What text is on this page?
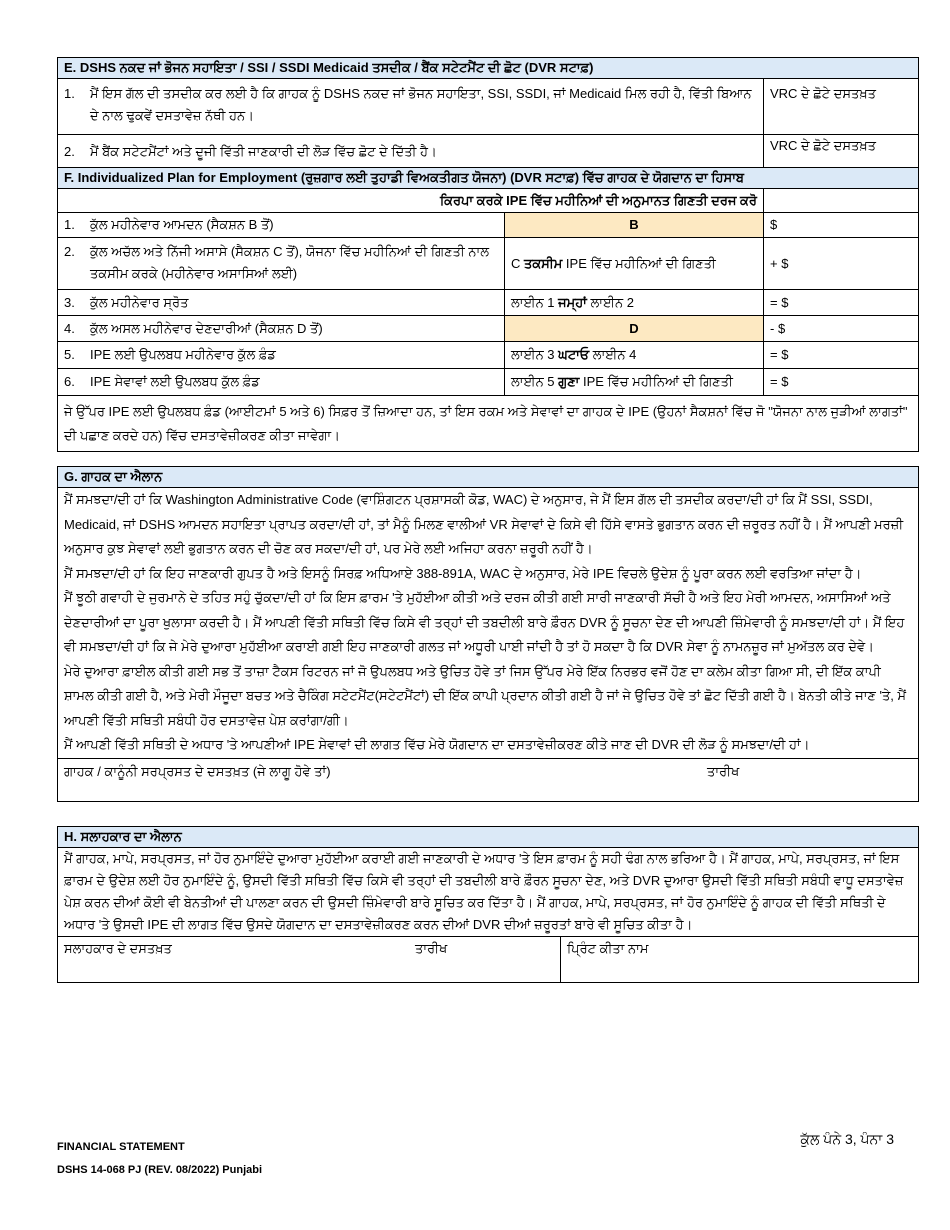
E. DSHS ਨਕਦ ਜਾਂ ਭੋਜਨ ਸਹਾਇਤਾ / SSI / SSDI Medicaid ਤਸਦੀਕ / ਬੈਂਕ ਸਟੇਟਮੈਂਟ ਦੀ ਛੋਟ (DVR ਸਟਾਫ਼)		

1. ਮੈਂ ਇਸ ਗੱਲ ਦੀ ਤਸਦੀਕ ਕਰ ਲਈ ਹੈ ਕਿ ਗਾਹਕ ਨੂੰ DSHS ਨਕਦ ਜਾਂ ਭੋਜਨ ਸਹਾਇਤਾ, SSI, SSDI, ਜਾਂ Medicaid ਮਿਲ ਰਹੀ ਹੈ, ਵਿੱਤੀ ਬਿਆਨ ਦੇ ਨਾਲ ਢੁਕਵੇਂ ਦਸਤਾਵੇਜ਼ ਨੱਥੀ ਹਨ।		VRC ਦੇ ਛੋਟੇ ਦਸਤਖ਼ਤ

2. ਮੈਂ ਬੈਂਕ ਸਟੇਟਮੈਂਟਾਂ ਅਤੇ ਦੂਜੀ ਵਿੱਤੀ ਜਾਣਕਾਰੀ ਦੀ ਲੋੜ ਵਿੱਚ ਛੋਟ ਦੇ ਦਿੱਤੀ ਹੈ।		VRC ਦੇ ਛੋਟੇ ਦਸਤਖ਼ਤ
F. Individualized Plan for Employment (ਰੁਜ਼ਗਾਰ ਲਈ ਤੁਹਾਡੀ ਵਿਅਕਤੀਗਤ ਯੋਜਨਾ) (DVR ਸਟਾਫ਼) ਵਿੱਚ ਗਾਹਕ ਦੇ ਯੋਗਦਾਨ ਦਾ ਹਿਸਾਬ		
ਕਿਰਪਾ ਕਰਕੇ IPE ਵਿੱਚ ਮਹੀਨਿਆਂ ਦੀ ਅਨੁਮਾਨਤ ਗਿਣਤੀ ਦਰਜ ਕਰੋ		
1. ਕੁੱਲ ਮਹੀਨੇਵਾਰ ਆਮਦਨ (ਸੈਕਸ਼ਨ B ਤੋਂ)	B	$

2. ਕੁੱਲ ਅਚੱਲ ਅਤੇ ਨਿੱਜੀ ਅਸਾਸੇ (ਸੈਕਸ਼ਨ C ਤੋਂ), ਯੋਜਨਾ ਵਿੱਚ ਮਹੀਨਿਆਂ ਦੀ ਗਿਣਤੀ ਨਾਲ ਤਕਸੀਮ ਕਰਕੇ (ਮਹੀਨੇਵਾਰ ਅਸਾਸਿਆਂ ਲਈ)	C ਤਕਸੀਮ IPE ਵਿੱਚ ਮਹੀਨਿਆਂ ਦੀ ਗਿਣਤੀ	+ $
3. ਕੁੱਲ ਮਹੀਨੇਵਾਰ ਸ੍ਰੋਤ	ਲਾਈਨ 1 ਜਮ੍ਹਾਂ ਲਾਈਨ 2	= $
4. ਕੁੱਲ ਅਸਲ ਮਹੀਨੇਵਾਰ ਦੇਣਦਾਰੀਆਂ (ਸੈਕਸ਼ਨ D ਤੋਂ)	D	- $
5. IPE ਲਈ ਉਪਲਬਧ ਮਹੀਨੇਵਾਰ ਕੁੱਲ ਫ਼ੰਡ	ਲਾਈਨ 3 ਘਟਾਓ ਲਾਈਨ 4	= $
6. IPE ਸੇਵਾਵਾਂ ਲਈ ਉਪਲਬਧ ਕੁੱਲ ਫ਼ੰਡ	ਲਾਈਨ 5 ਗੁਣਾ IPE ਵਿੱਚ ਮਹੀਨਿਆਂ ਦੀ ਗਿਣਤੀ	= $
ਜੇ ਉੱਪਰ IPE ਲਈ ਉਪਲਬਧ ਫ਼ੰਡ (ਆਈਟਮਾਂ 5 ਅਤੇ 6) ਸਿਫ਼ਰ ਤੋਂ ਜ਼ਿਆਦਾ ਹਨ, ਤਾਂ ਇਸ ਰਕਮ ਅਤੇ ਸੇਵਾਵਾਂ ਦਾ ਗਾਹਕ ਦੇ IPE (ਉਹਨਾਂ ਸੈਕਸ਼ਨਾਂ ਵਿੱਚ ਜੋ "ਯੋਜਨਾ ਨਾਲ ਜੁੜੀਆਂ ਲਾਗਤਾਂ" ਦੀ ਪਛਾਣ ਕਰਦੇ ਹਨ) ਵਿੱਚ ਦਸਤਾਵੇਜ਼ੀਕਰਣ ਕੀਤਾ ਜਾਵੇਗਾ।		
G. ਗਾਹਕ ਦਾ ਐਲਾਨ

ਮੈਂ ਸਮਝਦਾ/ਦੀ ਹਾਂ ਕਿ Washington Administrative Code (ਵਾਸ਼ਿੰਗਟਨ ਪ੍ਰਸ਼ਾਸਕੀ ਕੋਡ, WAC) ਦੇ ਅਨੁਸਾਰ, ਜੇ ਮੈਂ ਇਸ ਗੱਲ ਦੀ ਤਸਦੀਕ ਕਰਦਾ/ਦੀ ਹਾਂ ਕਿ ਮੈਂ SSI, SSDI, Medicaid, ਜਾਂ DSHS ਆਮਦਨ ਸਹਾਇਤਾ ਪ੍ਰਾਪਤ ਕਰਦਾ/ਦੀ ਹਾਂ, ਤਾਂ ਮੈਨੂੰ ਮਿਲਣ ਵਾਲੀਆਂ VR ਸੇਵਾਵਾਂ ਦੇ ਕਿਸੇ ਵੀ ਹਿੱਸੇ ਵਾਸਤੇ ਭੁਗਤਾਨ ਕਰਨ ਦੀ ਜ਼ਰੂਰਤ ਨਹੀਂ ਹੈ। ਮੈਂ ਆਪਣੀ ਮਰਜ਼ੀ ਅਨੁਸਾਰ ਕੁਝ ਸੇਵਾਵਾਂ ਲਈ ਭੁਗਤਾਨ ਕਰਨ ਦੀ ਚੋਣ ਕਰ ਸਕਦਾ/ਦੀ ਹਾਂ, ਪਰ ਮੇਰੇ ਲਈ ਅਜਿਹਾ ਕਰਨਾ ਜ਼ਰੂਰੀ ਨਹੀਂ ਹੈ।

ਮੈਂ ਸਮਝਦਾ/ਦੀ ਹਾਂ ਕਿ ਇਹ ਜਾਣਕਾਰੀ ਗੁਪਤ ਹੈ ਅਤੇ ਇਸਨੂੰ ਸਿਰਫ਼ ਅਧਿਆਏ 388-891A, WAC ਦੇ ਅਨੁਸਾਰ, ਮੇਰੇ IPE ਵਿਚਲੇ ਉਦੇਸ਼ ਨੂੰ ਪੂਰਾ ਕਰਨ ਲਈ ਵਰਤਿਆ ਜਾਂਦਾ ਹੈ।

ਮੈਂ ਝੂਠੀ ਗਵਾਹੀ ਦੇ ਜੁਰਮਾਨੇ ਦੇ ਤਹਿਤ ਸਹੁੰ ਚੁੱਕਦਾ/ਦੀ ਹਾਂ ਕਿ ਇਸ ਫ਼ਾਰਮ 'ਤੇ ਮੁਹੱਈਆ ਕੀਤੀ ਅਤੇ ਦਰਜ ਕੀਤੀ ਗਈ ਸਾਰੀ ਜਾਣਕਾਰੀ ਸੱਚੀ ਹੈ ਅਤੇ ਇਹ ਮੇਰੀ ਆਮਦਨ, ਅਸਾਸਿਆਂ ਅਤੇ ਦੇਣਦਾਰੀਆਂ ਦਾ ਪੂਰਾ ਖੁਲਾਸਾ ਕਰਦੀ ਹੈ। ਮੈਂ ਆਪਣੀ ਵਿੱਤੀ ਸਥਿਤੀ ਵਿੱਚ ਕਿਸੇ ਵੀ ਤਰ੍ਹਾਂ ਦੀ ਤਬਦੀਲੀ ਬਾਰੇ ਫ਼ੌਰਨ DVR ਨੂੰ ਸੂਚਨਾ ਦੇਣ ਦੀ ਆਪਣੀ ਜ਼ਿੰਮੇਵਾਰੀ ਨੂੰ ਸਮਝਦਾ/ਦੀ ਹਾਂ। ਮੈਂ ਇਹ ਵੀ ਸਮਝਦਾ/ਦੀ ਹਾਂ ਕਿ ਜੇ ਮੇਰੇ ਦੁਆਰਾ ਮੁਹੱਈਆ ਕਰਾਈ ਗਈ ਇਹ ਜਾਣਕਾਰੀ ਗਲਤ ਜਾਂ ਅਧੂਰੀ ਪਾਈ ਜਾਂਦੀ ਹੈ ਤਾਂ ਹੋ ਸਕਦਾ ਹੈ ਕਿ DVR ਸੇਵਾ ਨੂੰ ਨਾਮਨਜ਼ੂਰ ਜਾਂ ਮੁਅੱਤਲ ਕਰ ਦੇਵੇ।

ਮੇਰੇ ਦੁਆਰਾ ਫ਼ਾਈਲ ਕੀਤੀ ਗਈ ਸਭ ਤੋਂ ਤਾਜ਼ਾ ਟੈਕਸ ਰਿਟਰਨ ਜਾਂ ਜੋ ਉਪਲਬਧ ਅਤੇ ਉਚਿਤ ਹੋਵੇ ਤਾਂ ਜਿਸ ਉੱਪਰ ਮੇਰੇ ਇੱਕ ਨਿਰਭਰ ਵਜੋਂ ਹੋਣ ਦਾ ਕਲੇਮ ਕੀਤਾ ਗਿਆ ਸੀ, ਦੀ ਇੱਕ ਕਾਪੀ ਸ਼ਾਮਲ ਕੀਤੀ ਗਈ ਹੈ, ਅਤੇ ਮੇਰੀ ਮੌਜੂਦਾ ਬਚਤ ਅਤੇ ਚੈਕਿੰਗ ਸਟੇਟਮੈਂਟ(ਸਟੇਟਮੈਂਟਾਂ) ਦੀ ਇੱਕ ਕਾਪੀ ਪ੍ਰਦਾਨ ਕੀਤੀ ਗਈ ਹੈ ਜਾਂ ਜੇ ਉਚਿਤ ਹੋਵੇ ਤਾਂ ਛੋਟ ਦਿੱਤੀ ਗਈ ਹੈ। ਬੇਨਤੀ ਕੀਤੇ ਜਾਣ 'ਤੇ, ਮੈਂ ਆਪਣੀ ਵਿੱਤੀ ਸਥਿਤੀ ਸਬੰਧੀ ਹੋਰ ਦਸਤਾਵੇਜ਼ ਪੇਸ਼ ਕਰਾਂਗਾ/ਗੀ।

ਮੈਂ ਆਪਣੀ ਵਿੱਤੀ ਸਥਿਤੀ ਦੇ ਅਧਾਰ 'ਤੇ ਆਪਣੀਆਂ IPE ਸੇਵਾਵਾਂ ਦੀ ਲਾਗਤ ਵਿੱਚ ਮੇਰੇ ਯੋਗਦਾਨ ਦਾ ਦਸਤਾਵੇਜ਼ੀਕਰਣ ਕੀਤੇ ਜਾਣ ਦੀ DVR ਦੀ ਲੋੜ ਨੂੰ ਸਮਝਦਾ/ਦੀ ਹਾਂ।

ਗਾਹਕ / ਕਾਨੂੰਨੀ ਸਰਪ੍ਰਸਤ ਦੇ ਦਸਤਖ਼ਤ (ਜੇ ਲਾਗੂ ਹੋਵੇ ਤਾਂ)	ਤਾਰੀਖ
H. ਸਲਾਹਕਾਰ ਦਾ ਐਲਾਨ
ਮੈਂ ਗਾਹਕ, ਮਾਪੇ, ਸਰਪ੍ਰਸਤ, ਜਾਂ ਹੋਰ ਨੁਮਾਇੰਦੇ ਦੁਆਰਾ ਮੁਹੱਈਆ ਕਰਾਈ ਗਈ ਜਾਣਕਾਰੀ ਦੇ ਅਧਾਰ 'ਤੇ ਇਸ ਫ਼ਾਰਮ ਨੂੰ ਸਹੀ ਢੰਗ ਨਾਲ ਭਰਿਆ ਹੈ। ਮੈਂ ਗਾਹਕ, ਮਾਪੇ, ਸਰਪ੍ਰਸਤ, ਜਾਂ ਇਸ ਫ਼ਾਰਮ ਦੇ ਉਦੇਸ਼ ਲਈ ਹੋਰ ਨੁਮਾਇੰਦੇ ਨੂੰ, ਉਸਦੀ ਵਿੱਤੀ ਸਥਿਤੀ ਵਿੱਚ ਕਿਸੇ ਵੀ ਤਰ੍ਹਾਂ ਦੀ ਤਬਦੀਲੀ ਬਾਰੇ ਫ਼ੌਰਨ ਸੂਚਨਾ ਦੇਣ, ਅਤੇ DVR ਦੁਆਰਾ ਉਸਦੀ ਵਿੱਤੀ ਸਥਿਤੀ ਸਬੰਧੀ ਵਾਧੂ ਦਸਤਾਵੇਜ਼ ਪੇਸ਼ ਕਰਨ ਦੀਆਂ ਕੋਈ ਵੀ ਬੇਨਤੀਆਂ ਦੀ ਪਾਲਣਾ ਕਰਨ ਦੀ ਉਸਦੀ ਜ਼ਿੰਮੇਵਾਰੀ ਬਾਰੇ ਸੂਚਿਤ ਕਰ ਦਿੱਤਾ ਹੈ। ਮੈਂ ਗਾਹਕ, ਮਾਪੇ, ਸਰਪ੍ਰਸਤ, ਜਾਂ ਹੋਰ ਨੁਮਾਇੰਦੇ ਨੂੰ ਗਾਹਕ ਦੀ ਵਿੱਤੀ ਸਥਿਤੀ ਦੇ ਅਧਾਰ 'ਤੇ ਉਸਦੀ IPE ਦੀ ਲਾਗਤ ਵਿੱਚ ਉਸਦੇ ਯੋਗਦਾਨ ਦਾ ਦਸਤਾਵੇਜ਼ੀਕਰਣ ਕਰਨ ਦੀਆਂ DVR ਦੀਆਂ ਜ਼ਰੂਰਤਾਂ ਬਾਰੇ ਵੀ ਸੂਚਿਤ ਕੀਤਾ ਹੈ।
ਸਲਾਹਕਾਰ ਦੇ ਦਸਤਖ਼ਤ	ਤਾਰੀਖ	ਪ੍ਰਿੰਟ ਕੀਤਾ ਨਾਮ
FINANCIAL STATEMENT
DSHS 14-068 PJ (REV. 08/2022) Punjabi
ਕੁੱਲ ਪੰਨੇ 3, ਪੰਨਾ 3
